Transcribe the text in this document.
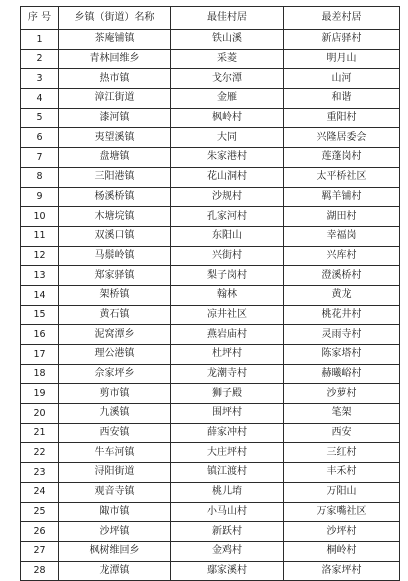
序 号	乡镇（街道）名称	最佳村居	最差村居
1	茶庵铺镇	铁山溪	新店驿村
2	青林回维乡	采菱	明月山
3	热市镇	戈尔潭	山河
4	漳江街道	金雁	和谐
5	漆河镇	枫岭村	重阳村
6	夷望溪镇	大同	兴隆居委会
7	盘塘镇	朱家港村	莲蓬岗村
8	三阳港镇	花山洞村	太平桥社区
9	杨溪桥镇	沙规村	羁羊铺村
10	木塘垸镇	孔家河村	湖田村
11	双溪口镇	东阳山	幸福岗
12	马鬃岭镇	兴街村	兴库村
13	郑家驿镇	梨子岗村	澄溪桥村
14	架桥镇	翰林	黄龙
15	黄石镇	凉井社区	桃花井村
16	泥窝潭乡	燕岩庙村	灵雨寺村
17	理公港镇	杜坪村	陈家塔村
18	佘家坪乡	龙潮寺村	赫曦峪村
19	剪市镇	狮子殿	沙萝村
20	九溪镇	围坪村	笔架
21	西安镇	薛家冲村	西安
22	牛车河镇	大庄坪村	三红村
23	浔阳街道	镇江渡村	丰禾村
24	观音寺镇	桃儿堉	万阳山
25	陬市镇	小马山村	万家嘴社区
26	沙坪镇	新跃村	沙坪村
27	枫树维回乡	金鸡村	桐岭村
28	龙潭镇	鄢家溪村	洛家坪村
